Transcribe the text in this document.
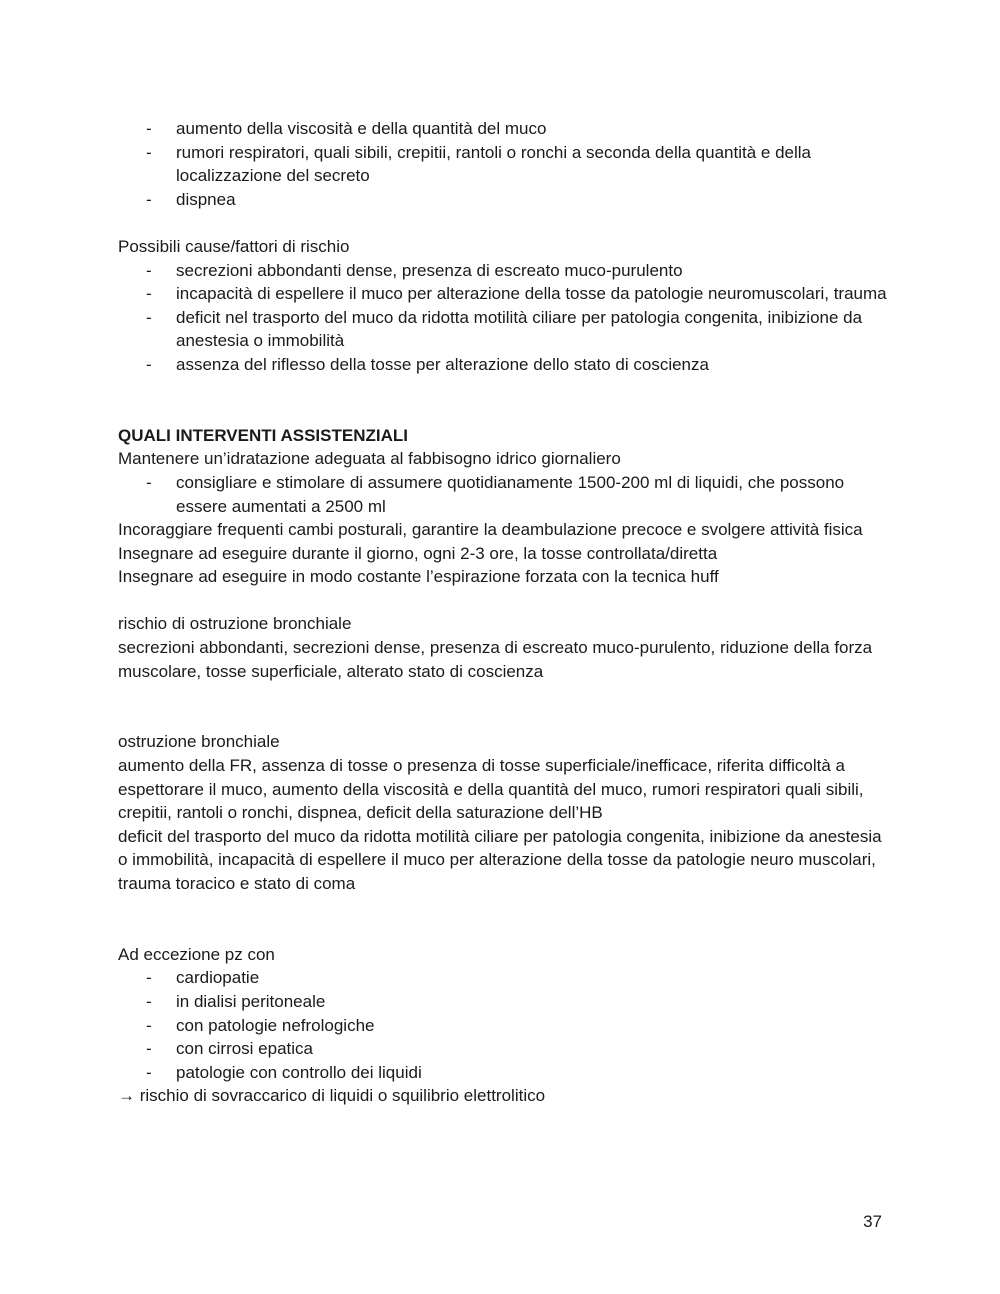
- aumento della viscosità e della quantità del muco
- rumori respiratori, quali sibili, crepitii, rantoli o ronchi a seconda della quantità e della localizzazione del secreto
- dispnea

Possibili cause/fattori di rischio

- secrezioni abbondanti dense, presenza di escreato muco-purulento
- incapacità di espellere il muco per alterazione della tosse da patologie neuromuscolari, trauma
- deficit nel trasporto del muco da ridotta motilità ciliare per patologia congenita, inibizione da anestesia o immobilità
- assenza del riflesso della tosse per alterazione dello stato di coscienza

QUALI INTERVENTI ASSISTENZIALI

Mantenere un’idratazione adeguata al fabbisogno idrico giornaliero

- consigliare e stimolare di assumere quotidianamente 1500-200 ml di liquidi, che possono essere aumentati a 2500 ml

Incoraggiare frequenti cambi posturali, garantire la deambulazione precoce e svolgere attività fisica

Insegnare ad eseguire durante il giorno, ogni 2-3 ore, la tosse controllata/diretta

Insegnare ad eseguire in modo costante l’espirazione forzata con la tecnica huff

rischio di ostruzione bronchiale

secrezioni abbondanti, secrezioni dense, presenza di escreato muco-purulento, riduzione della forza muscolare, tosse superficiale, alterato stato di coscienza

ostruzione bronchiale

aumento della FR, assenza di tosse o presenza di tosse superficiale/inefficace, riferita difficoltà a espettorare il muco, aumento della viscosità e della quantità del muco, rumori respiratori quali sibili, crepitii, rantoli o ronchi, dispnea, deficit della saturazione dell’HB

deficit del trasporto del muco da ridotta motilità ciliare per patologia congenita, inibizione da anestesia o immobilità, incapacità di espellere il muco per alterazione della tosse da patologie neuro muscolari, trauma toracico e stato di coma

Ad eccezione pz con

- cardiopatie
- in dialisi peritoneale
- con patologie nefrologiche
- con cirrosi epatica
- patologie con controllo dei liquidi

→ rischio di sovraccarico di liquidi o squilibrio elettrolitico

37
